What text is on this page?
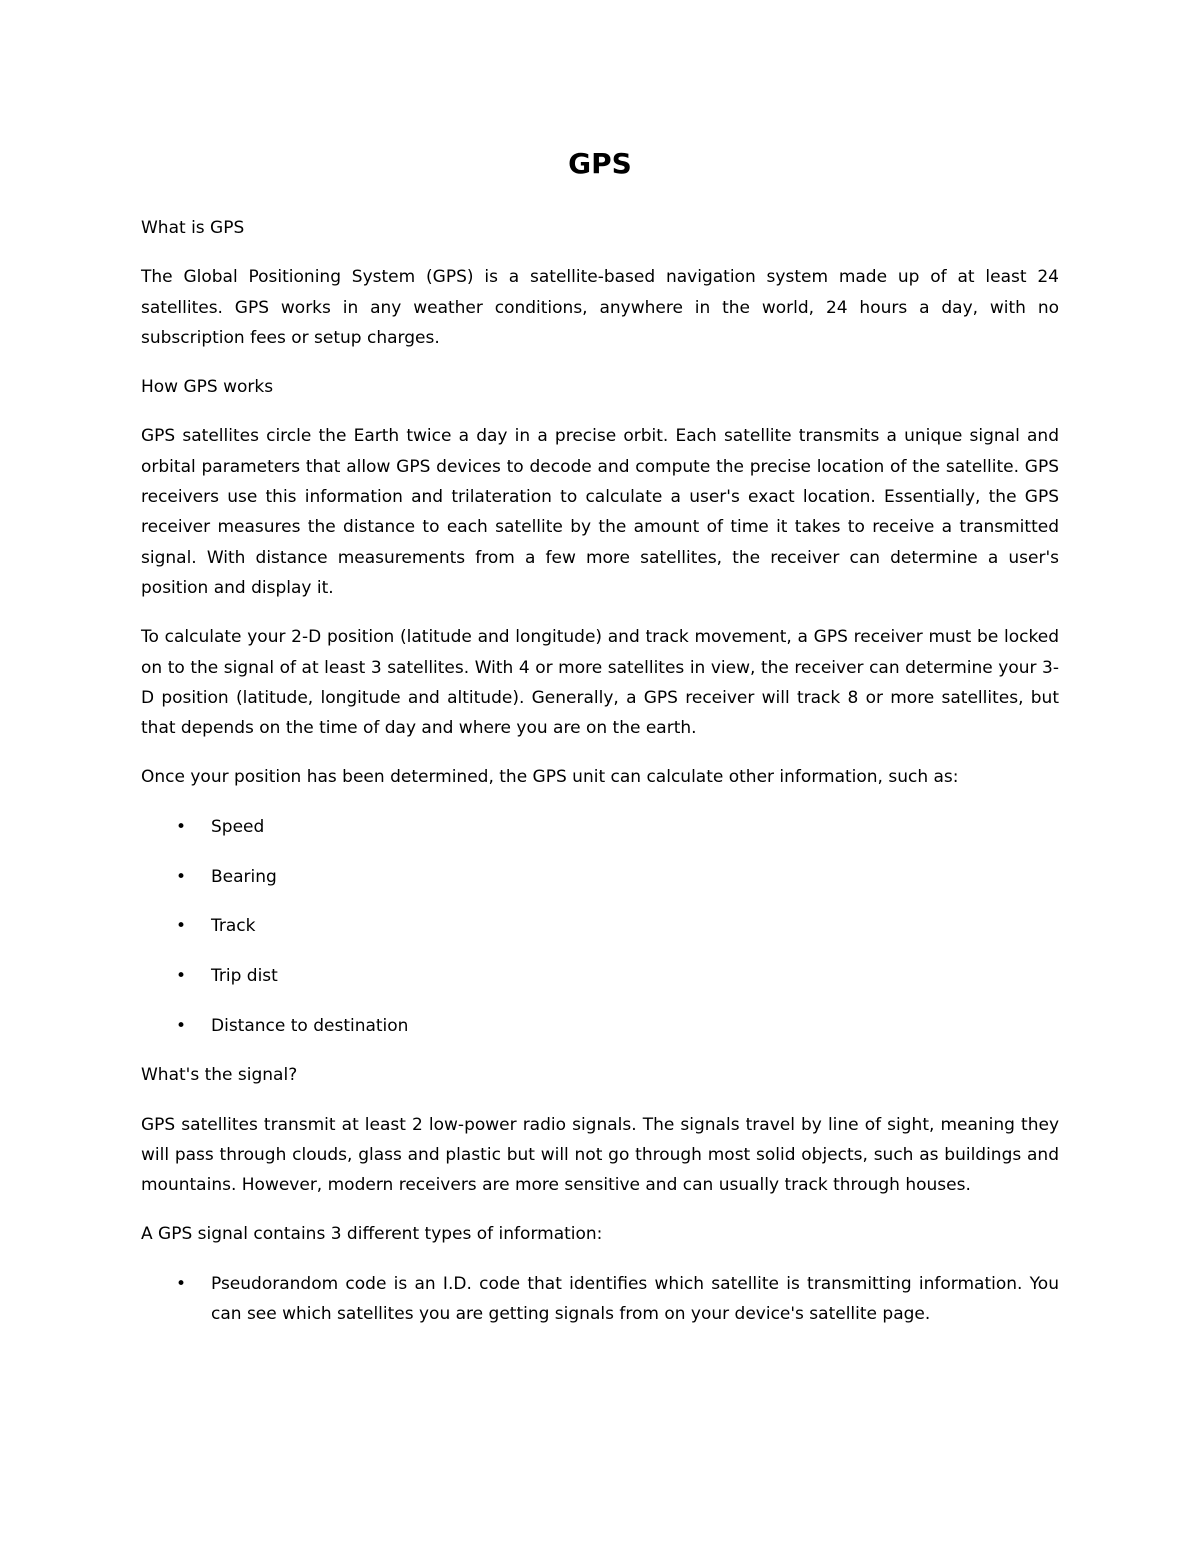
GPS

What is GPS

The Global Positioning System (GPS) is a satellite-based navigation system made up of at least 24 satellites. GPS works in any weather conditions, anywhere in the world, 24 hours a day, with no subscription fees or setup charges.

How GPS works

GPS satellites circle the Earth twice a day in a precise orbit. Each satellite transmits a unique signal and orbital parameters that allow GPS devices to decode and compute the precise location of the satellite. GPS receivers use this information and trilateration to calculate a user's exact location. Essentially, the GPS receiver measures the distance to each satellite by the amount of time it takes to receive a transmitted signal. With distance measurements from a few more satellites, the receiver can determine a user's position and display it.

To calculate your 2-D position (latitude and longitude) and track movement, a GPS receiver must be locked on to the signal of at least 3 satellites. With 4 or more satellites in view, the receiver can determine your 3-D position (latitude, longitude and altitude). Generally, a GPS receiver will track 8 or more satellites, but that depends on the time of day and where you are on the earth.

Once your position has been determined, the GPS unit can calculate other information, such as:

• Speed
• Bearing
• Track
• Trip dist
• Distance to destination

What's the signal?

GPS satellites transmit at least 2 low-power radio signals. The signals travel by line of sight, meaning they will pass through clouds, glass and plastic but will not go through most solid objects, such as buildings and mountains. However, modern receivers are more sensitive and can usually track through houses.

A GPS signal contains 3 different types of information:

• Pseudorandom code is an I.D. code that identifies which satellite is transmitting information. You can see which satellites you are getting signals from on your device's satellite page.
